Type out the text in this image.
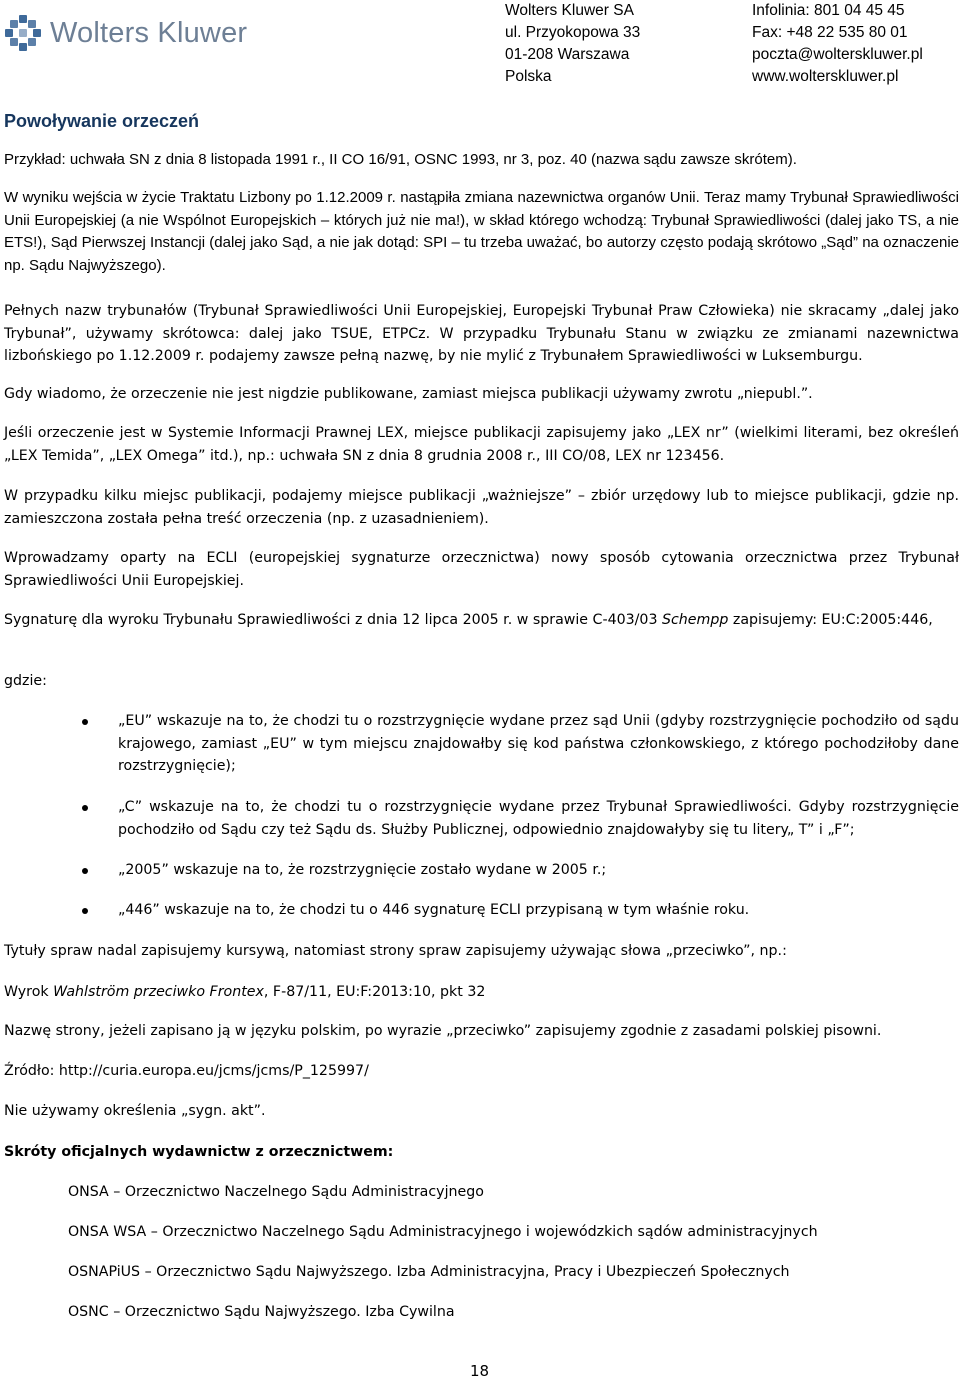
Wolters Kluwer
Wolters Kluwer SA
ul. Przyokopowa 33
01-208 Warszawa
Polska
Infolinia: 801 04 45 45
Fax: +48 22 535 80 01
poczta@wolterskluwer.pl
www.wolterskluwer.pl
Powoływanie orzeczeń
Przykład: uchwała SN z dnia 8 listopada 1991 r., II CO 16/91, OSNC 1993, nr 3, poz. 40 (nazwa sądu zawsze skrótem).
W wyniku wejścia w życie Traktatu Lizbony po 1.12.2009 r. nastąpiła zmiana nazewnictwa organów Unii. Teraz mamy Trybunał Sprawiedliwości Unii Europejskiej (a nie Wspólnot Europejskich – których już nie ma!), w skład którego wchodzą: Trybunał Sprawiedliwości (dalej jako TS, a nie ETS!), Sąd Pierwszej Instancji (dalej jako Sąd, a nie jak dotąd: SPI – tu trzeba uważać, bo autorzy często podają skrótowo „Sąd” na oznaczenie np. Sądu Najwyższego).
Pełnych nazw trybunałów (Trybunał Sprawiedliwości Unii Europejskiej, Europejski Trybunał Praw Człowieka) nie skracamy „dalej jako Trybunał”, używamy skrótowca: dalej jako TSUE, ETPCz. W przypadku Trybunału Stanu w związku ze zmianami nazewnictwa lizbońskiego po 1.12.2009 r. podajemy zawsze pełną nazwę, by nie mylić z Trybunałem Sprawiedliwości w Luksemburgu.
Gdy wiadomo, że orzeczenie nie jest nigdzie publikowane, zamiast miejsca publikacji używamy zwrotu „niepubl.”.
Jeśli orzeczenie jest w Systemie Informacji Prawnej LEX, miejsce publikacji zapisujemy jako „LEX nr” (wielkimi literami, bez określeń „LEX Temida”, „LEX Omega” itd.), np.: uchwała SN z dnia 8 grudnia 2008 r., III CO/08, LEX nr 123456.
W przypadku kilku miejsc publikacji, podajemy miejsce publikacji „ważniejsze” – zbiór urzędowy lub to miejsce publikacji, gdzie np. zamieszczona została pełna treść orzeczenia (np. z uzasadnieniem).
Wprowadzamy oparty na ECLI (europejskiej sygnaturze orzecznictwa) nowy sposób cytowania orzecznictwa przez Trybunał Sprawiedliwości Unii Europejskiej.
Sygnaturę dla wyroku Trybunału Sprawiedliwości z dnia 12 lipca 2005 r. w sprawie C-403/03 Schempp zapisujemy: EU:C:2005:446,
gdzie:
„EU” wskazuje na to, że chodzi tu o rozstrzygnięcie wydane przez sąd Unii (gdyby rozstrzygnięcie pochodziło od sądu krajowego, zamiast „EU” w tym miejscu znajdowałby się kod państwa członkowskiego, z którego pochodziłoby dane rozstrzygnięcie);
„C” wskazuje na to, że chodzi tu o rozstrzygnięcie wydane przez Trybunał Sprawiedliwości. Gdyby rozstrzygnięcie pochodziło od Sądu czy też Sądu ds. Służby Publicznej, odpowiednio znajdowałyby się tu litery„ T” i „F”;
„2005” wskazuje na to, że rozstrzygnięcie zostało wydane w 2005 r.;
„446” wskazuje na to, że chodzi tu o 446 sygnaturę ECLI przypisaną w tym właśnie roku.
Tytuły spraw nadal zapisujemy kursywą, natomiast strony spraw zapisujemy używając słowa „przeciwko”, np.:
Wyrok Wahlström przeciwko Frontex, F-87/11, EU:F:2013:10, pkt 32
Nazwę strony, jeżeli zapisano ją w języku polskim, po wyrazie „przeciwko” zapisujemy zgodnie z zasadami polskiej pisowni.
Źródło: http://curia.europa.eu/jcms/jcms/P_125997/
Nie używamy określenia „sygn. akt”.
Skróty oficjalnych wydawnictw z orzecznictwem:
ONSA – Orzecznictwo Naczelnego Sądu Administracyjnego
ONSA WSA – Orzecznictwo Naczelnego Sądu Administracyjnego i wojewódzkich sądów administracyjnych
OSNAPiUS – Orzecznictwo Sądu Najwyższego. Izba Administracyjna, Pracy i Ubezpieczeń Społecznych
OSNC – Orzecznictwo Sądu Najwyższego. Izba Cywilna
18
